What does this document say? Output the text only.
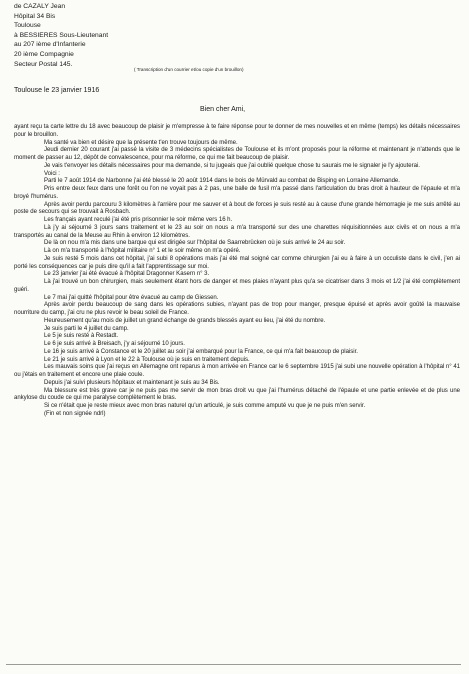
de CAZALY Jean
Hôpital 34 Bis
Toulouse
à BESSIERES Sous-Lieutenant
au 207 ième d'Infanterie
20 ième Compagnie
Secteur Postal 145.
( Transcription d'un courrier et/ou copie d'un brouillon)
Toulouse le 23 janvier 1916
Bien cher Ami,

ayant reçu ta carte lettre du 18 avec beaucoup de plaisir je m'empresse à te faire réponse pour te donner de mes nouvelles et en même (temps) les détails nécessaires pour le brouillon.

Ma santé va bien et désire que la présente t'en trouve toujours de même.

Jeudi dernier 20 courant j'ai passé la visite de 3 médecins spécialistes de Toulouse et ils m'ont proposés pour la réforme et maintenant je n'attends que le moment de passer au 12, dépôt de convalescence, pour ma réforme, ce qui me fait beaucoup de plaisir.

Je vais t'envoyer les détails nécessaires pour ma demande, si tu jugeais que j'ai oublié quelque chose tu saurais me le signaler je l'y ajouterai.

Voici :

Parti le 7 août 1914 de Narbonne j'ai été blessé le 20 août 1914 dans le bois de Mürvald au combat de Bisping en Lorraine Allemande.

Pris entre deux feux dans une forêt ou l'on ne voyait pas à 2 pas, une balle de fusil m'a passé dans l'articulation du bras droit à hauteur de l'épaule et m'a broyé l'humérus.

Après avoir perdu parcouru 3 kilomètres à l'arrière pour me sauver et à bout de forces je suis resté au à cause d'une grande hémorragie je me suis arrêté au poste de secours qui se trouvait à Rosbach.

Les français ayant reculé j'ai été pris prisonnier le soir même vers 16 h.

Là j'y ai séjourné 3 jours sans traitement et le 23 au soir on nous a m'a transporté sur des une charettes réquisitionnées aux civils et on nous a m'a transportés au canal de la Meuse au Rhin à environ 12 kilomètres.

De là on nou m'a mis dans une barque qui est dirigée sur l'hôpital de Saarrebrücken où je suis arrivé le 24 au soir.

Là on m'a transporté à l'hôpital militaire n° 1 et le soir même on m'a opéré.

Je suis resté 5 mois dans cet hôpital, j'ai subi 8 opérations mais j'ai été mal soigné car comme chirurgien j'ai eu à faire à un occuliste dans le civil, j'en ai porté les conséquences car je puis dire qu'il a fait l'apprentissage sur moi.

Le 23 janvier j'ai été évacué à l'hôpital Dragonner Kasern n° 3.

Là j'ai trouvé un bon chirurgien, mais seulement étant hors de danger et mes plaies n'ayant plus qu'a se cicatriser dans 3 mois et 1/2 j'ai été complètement guéri.

Le 7 mai j'ai quitté l'hôpital pour être évacué au camp de Giessen.

Après avoir perdu beaucoup de sang dans les opérations subies, n'ayant pas de trop pour manger, presque épuisé et après avoir goûté la mauvaise nourriture du camp, j'ai cru ne plus revoir le beau soleil de France.

Heureusement qu'au mois de juillet un grand échange de grands blessés ayant eu lieu, j'ai été du nombre.

Je suis parti le 4 juillet du camp.

Le 5 je suis resté à Restadt.

Le 6 je suis arrivé à Breisach, j'y ai séjourné 10 jours.

Le 16 je suis arrivé à Constance et le 20 juillet au soir j'ai embarqué pour la France, ce qui m'a fait beaucoup de plaisir.

Le 21 je suis arrivé à Lyon et le 22 à Toulouse où je suis en traitement depuis.

Les mauvais soins que j'ai reçus en Allemagne ont reparus à mon arrivée en France car le 6 septembre 1915 j'ai subi une nouvelle opération à l'hôpital n° 41 ou j'étais en traitement et encore une plaie coule.

Depuis j'ai suivi plusieurs hôpitaux et maintenant je suis au 34 Bis.

Ma blessure est très grave car je ne puis pas me servir de mon bras droit vu que j'ai l'humérus détaché de l'épaule et une partie enlevée et de plus une ankylose du coude ce qui me paralyse complètement le bras.

Si ce n'était que je reste mieux avec mon bras naturel qu'un articulé, je suis comme amputé vu que je ne puis m'en servir.

(Fin et non signée ndrl)
